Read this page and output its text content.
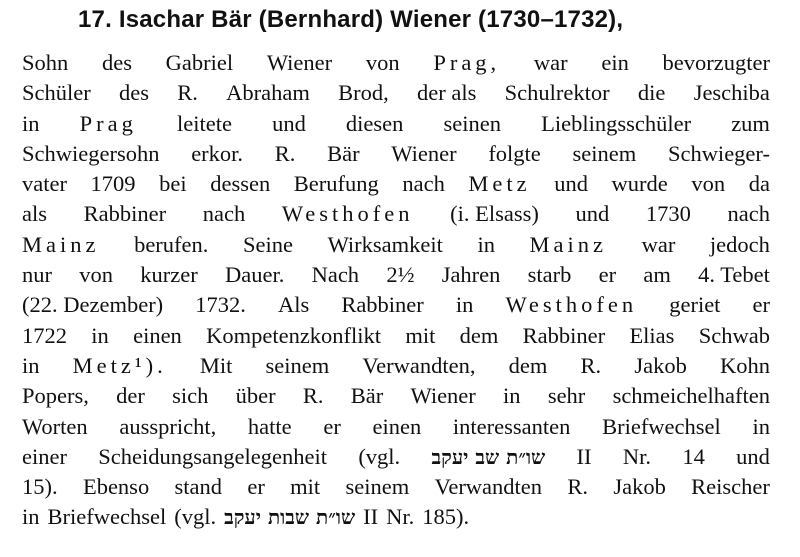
17. Isachar Bär (Bernhard) Wiener (1730–1732),
Sohn des Gabriel Wiener von Prag, war ein bevorzugter
Schüler des R. Abraham Brod, der als Schulrektor die Jeschiba
in Prag leitete und diesen seinen Lieblingsschüler zum
Schwiegersohn erkor. R. Bär Wiener folgte seinem Schwieger-
vater 1709 bei dessen Berufung nach Metz und wurde von da
als Rabbiner nach Westhofen (i. Elsass) und 1730 nach
Mainz berufen. Seine Wirksamkeit in Mainz war jedoch
nur von kurzer Dauer. Nach 2½ Jahren starb er am 4. Tebet
(22. Dezember) 1732. Als Rabbiner in Westhofen geriet er
1722 in einen Kompetenzkonflikt mit dem Rabbiner Elias Schwab
in Metz¹). Mit seinem Verwandten, dem R. Jakob Kohn
Popers, der sich über R. Bär Wiener in sehr schmeichelhaften
Worten ausspricht, hatte er einen interessanten Briefwechsel in
einer Scheidungsangelegenheit (vgl. שו״ת שב יעקב II Nr. 14 und
15). Ebenso stand er mit seinem Verwandten R. Jakob Reischer
in Briefwechsel (vgl. שו״ת שבות יעקב II Nr. 185).
